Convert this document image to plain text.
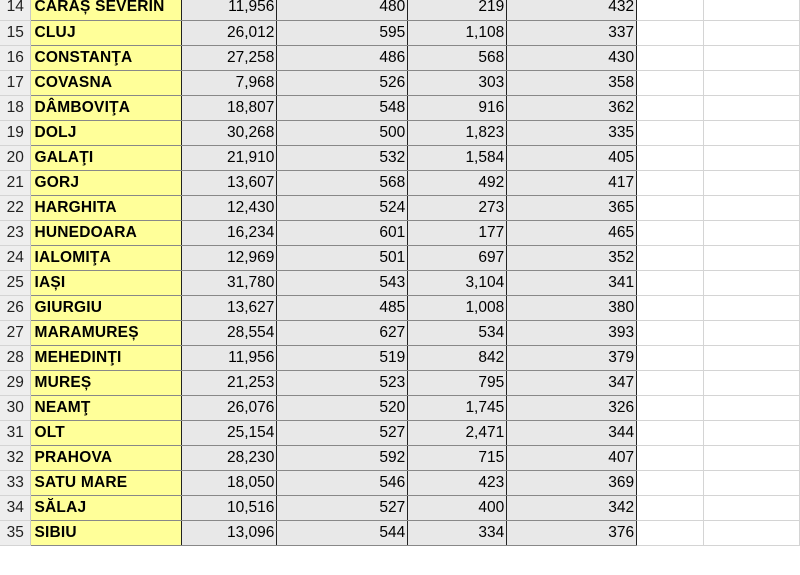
14	CARAȘ SEVERIN	11,956	480	219	432		
15	CLUJ	26,012	595	1,108	337		
16	CONSTANŢA	27,258	486	568	430		
17	COVASNA	7,968	526	303	358		
18	DÂMBOVIŢA	18,807	548	916	362		
19	DOLJ	30,268	500	1,823	335		
20	GALAŢI	21,910	532	1,584	405		
21	GORJ	13,607	568	492	417		
22	HARGHITA	12,430	524	273	365		
23	HUNEDOARA	16,234	601	177	465		
24	IALOMIŢA	12,969	501	697	352		
25	IAȘI	31,780	543	3,104	341		
26	GIURGIU	13,627	485	1,008	380		
27	MARAMUREȘ	28,554	627	534	393		
28	MEHEDINŢI	11,956	519	842	379		
29	MUREȘ	21,253	523	795	347		
30	NEAMŢ	26,076	520	1,745	326		
31	OLT	25,154	527	2,471	344		
32	PRAHOVA	28,230	592	715	407		
33	SATU MARE	18,050	546	423	369		
34	SĂLAJ	10,516	527	400	342		
35	SIBIU	13,096	544	334	376		
